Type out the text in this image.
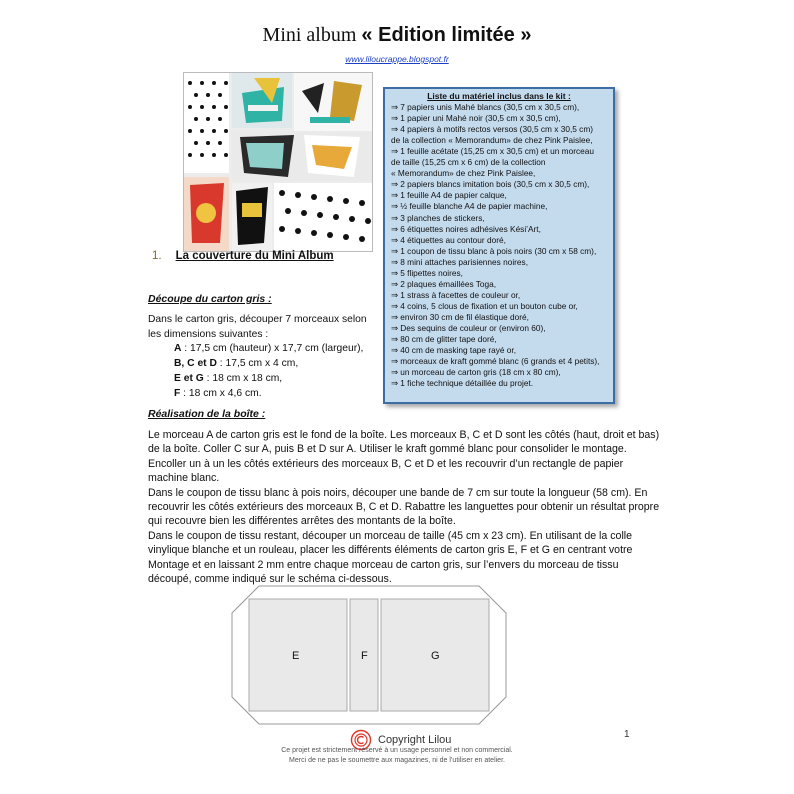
Mini album « Edition limitée »
www.liloucrappe.blogspot.fr
Liste du matériel inclus dans le kit :
⇒ 7 papiers unis Mahé blancs (30,5 cm x 30,5 cm),
⇒ 1 papier uni Mahé noir (30,5 cm x 30,5 cm),
⇒ 4 papiers à motifs rectos versos (30,5 cm x 30,5 cm)
de la collection « Memorandum» de chez Pink Paislee,
⇒ 1 feuille acétate (15,25 cm x 30,5 cm) et un morceau
de taille (15,25 cm x 6 cm) de la collection
« Memorandum» de chez Pink Paislee,
⇒ 2 papiers blancs imitation bois (30,5 cm x 30,5 cm),
⇒ 1 feuille A4 de papier calque,
⇒ ½ feuille blanche A4 de papier machine,
⇒ 3 planches de stickers,
⇒ 6 étiquettes noires adhésives Kési’Art,
⇒ 4 étiquettes au contour doré,
⇒ 1 coupon de tissu blanc à pois noirs (30 cm x 58 cm),
⇒ 8 mini attaches parisiennes noires,
⇒ 5 flipettes noires,
⇒ 2 plaques émaillées Toga,
⇒ 1 strass à facettes de couleur or,
⇒ 4 coins, 5 clous de fixation et un bouton cube or,
⇒ environ 30 cm de fil élastique doré,
⇒ Des sequins de couleur or (environ 60),
⇒ 80 cm de glitter tape doré,
⇒ 40 cm de masking tape rayé or,
⇒ morceaux de kraft gommé blanc (6 grands et 4 petits),
⇒ un morceau de carton gris (18 cm x 80 cm),
⇒ 1 fiche technique détaillée du projet.
1. La couverture du Mini Album
Découpe du carton gris :
Dans le carton gris, découper 7 morceaux selon les dimensions suivantes :
A : 17,5 cm (hauteur) x 17,7 cm (largeur),
B, C et D : 17,5 cm x 4 cm,
E et G : 18 cm x 18 cm,
F : 18 cm x 4,6 cm.
Réalisation de la boîte :

Le morceau A de carton gris est le fond de la boîte. Les morceaux B, C et D sont les côtés (haut, droit et bas) de la boîte. Coller C sur A, puis B et D sur A. Utiliser le kraft gommé blanc pour consolider le montage. Encoller un à un les côtés extérieurs des morceaux B, C et D et les recouvrir d’un rectangle de papier machine blanc.

Dans le coupon de tissu blanc à pois noirs, découper une bande de 7 cm sur toute la longueur (58 cm). En recouvrir les côtés extérieurs des morceaux B, C et D. Rabattre les languettes pour obtenir un résultat propre qui recouvre bien les différentes arrêtes des montants de la boîte.

Dans le coupon de tissu restant, découper un morceau de taille (45 cm x 23 cm). En utilisant de la colle vinylique blanche et un rouleau, placer les différents éléments de carton gris E, F et G en centrant votre Montage et en laissant 2 mm entre chaque morceau de carton gris, sur l’envers du morceau de tissu découpé, comme indiqué sur le schéma ci-dessous.

E	F	G
1
Copyright Lilou
Ce projet est strictement réservé à un usage personnel et non commercial.
Merci de ne pas le soumettre aux magazines, ni de l’utiliser en atelier.
